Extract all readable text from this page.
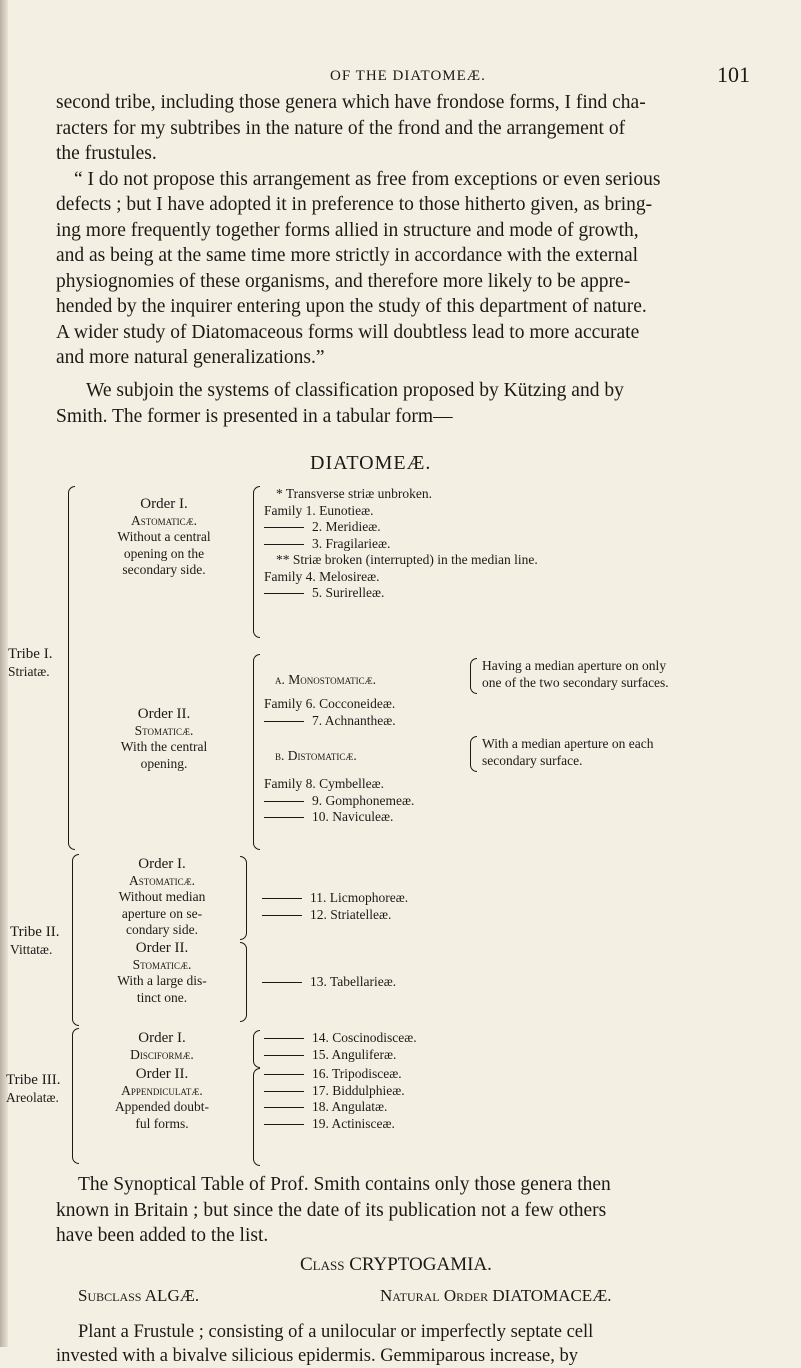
OF THE DIATOMEÆ.	101
second tribe, including those genera which have frondose forms, I find cha-
racters for my subtribes in the nature of the frond and the arrangement of
the frustules.
“ I do not propose this arrangement as free from exceptions or even serious
defects ; but I have adopted it in preference to those hitherto given, as bring-
ing more frequently together forms allied in structure and mode of growth,
and as being at the same time more strictly in accordance with the external
physiognomies of these organisms, and therefore more likely to be appre-
hended by the inquirer entering upon the study of this department of nature.
A wider study of Diatomaceous forms will doubtless lead to more accurate
and more natural generalizations.”
We subjoin the systems of classification proposed by Kützing and by
Smith. The former is presented in a tabular form—
DIATOMEÆ.
Tribe I.
Striatæ.
Order I.
Astomaticæ.
Without a central
opening on the
secondary side.
* Transverse striæ unbroken.
Family 1. Eunotieæ.
2. Meridieæ.
3. Fragilarieæ.
** Striæ broken (interrupted) in the median line.
Family 4. Melosireæ.
5. Surirelleæ.
Order II.
Stomaticæ.
With the central
opening.
a. Monostomaticæ.
Having a median aperture on only
one of the two secondary surfaces.
Family 6. Cocconeideæ.
7. Achnantheæ.
b. Distomaticæ.
With a median aperture on each
secondary surface.
Family 8. Cymbelleæ.
9. Gomphonemeæ.
10. Naviculeæ.
Tribe II.
Vittatæ.
Order I.
Astomaticæ.
Without median
aperture on se-
condary side.
11. Licmophoreæ.
12. Striatelleæ.
Order II.
Stomaticæ.
With a large dis-
tinct one.
13. Tabellarieæ.
Tribe III.
Areolatæ.
Order I.
Disciformæ.
14. Coscinodisceæ.
15. Anguliferæ.
Order II.
Appendiculatæ.
Appended doubt-
ful forms.
16. Tripodisceæ.
17. Biddulphieæ.
18. Angulatæ.
19. Actinisceæ.
The Synoptical Table of Prof. Smith contains only those genera then
known in Britain ; but since the date of its publication not a few others
have been added to the list.
Class CRYPTOGAMIA.
Subclass ALGÆ.	Natural Order DIATOMACEÆ.
Plant a Frustule ; consisting of a unilocular or imperfectly septate cell
invested with a bivalve silicious epidermis. Gemmiparous increase, by
